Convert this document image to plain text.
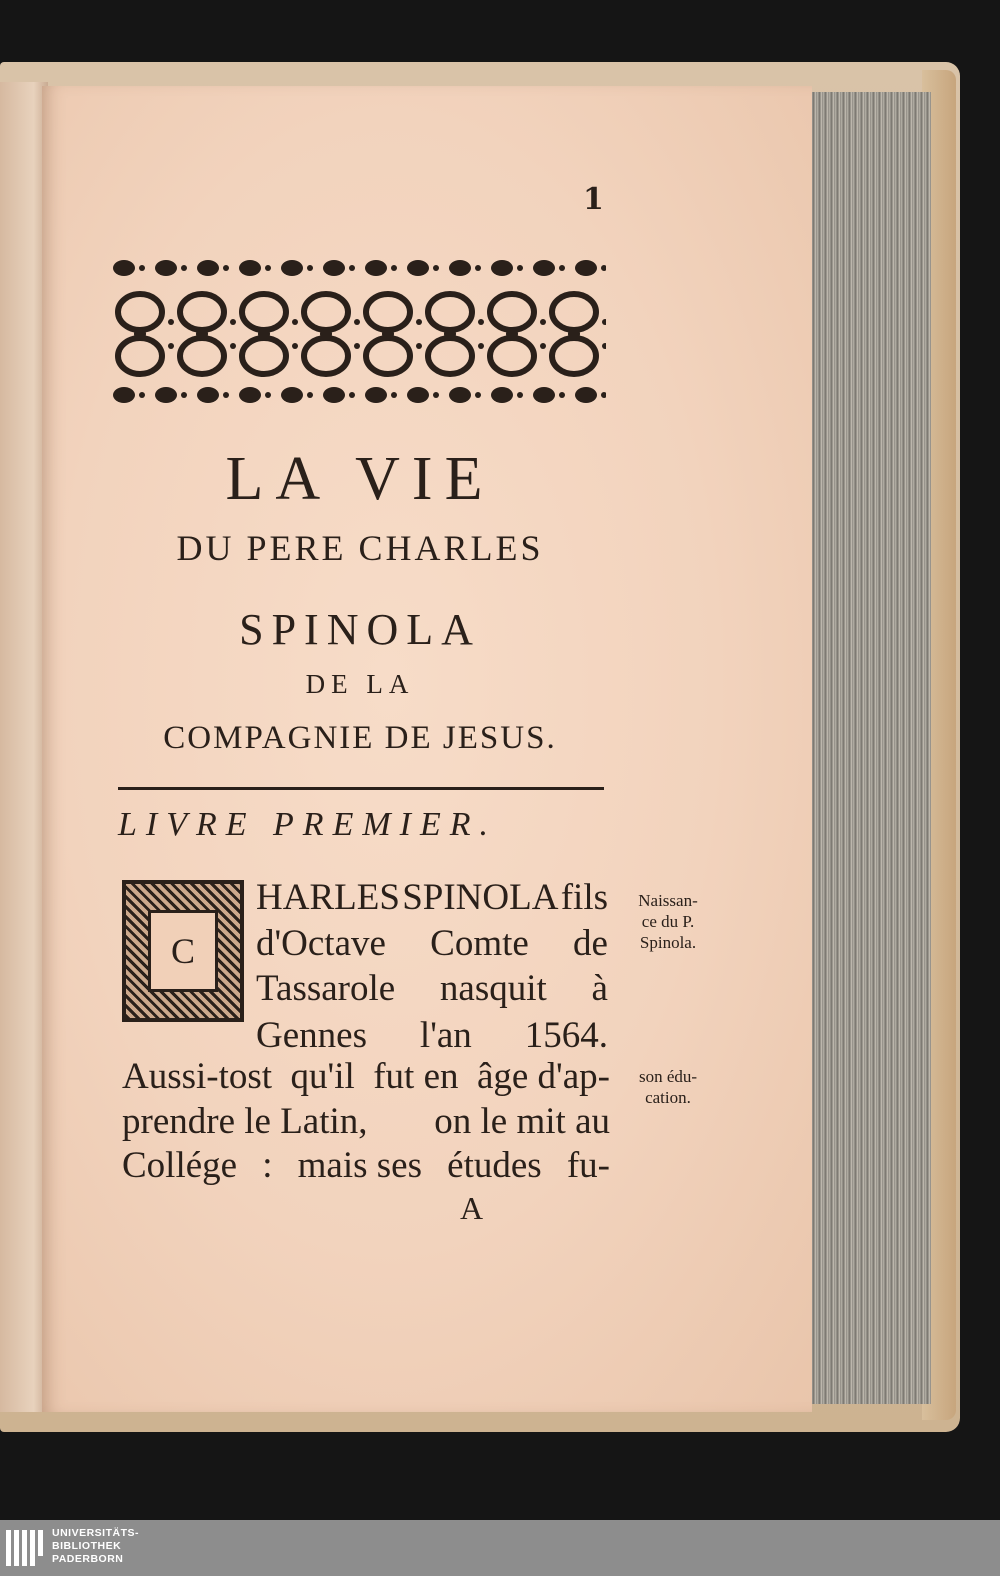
1
LA VIE
DU PERE CHARLES
SPINOLA
DE LA
COMPAGNIE DE JESUS.
LIVRE PREMIER.
C
HARLES SPINOLA fils
d'Octave Comte de
Tassarole nasquit à
Gennes l'an 1564.
Aussi-tost qu'il fut en âge d'ap-
prendre le Latin, on le mit au
Collége : mais ses études fu-
A
Naissan-
ce du P.
Spinola.
son édu-
cation.
UNIVERSITÄTS-
BIBLIOTHEK
PADERBORN
